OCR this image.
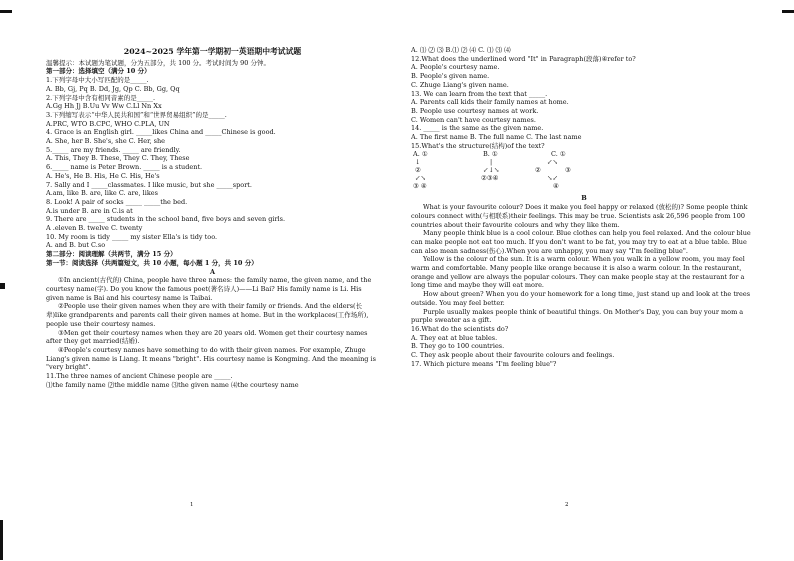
2024~2025 学年第一学期初一英语期中考试试题
温馨提示：本试题为笔试题，分为五部分，共 100 分。考试时间为 90 分钟。
第一部分：选择填空（满分 10 分）
1.下列字母中大小写匹配的是_____.
A. Bb, Gj, Pq B. Dd, Jg, Qp C. Bb, Gg, Qq
2.下列字母中含有相同音素的是_____.
A.Gg Hh Jj B.Uu Vv Ww C.Ll Nn Xx
3.下列缩写表示“中华人民共和国”和“世界贸易组织”的是_____.
A.PRC, WTO B.CPC, WHO C.PLA, UN
4. Grace is an English girl. _____likes China and _____Chinese is good.
A. She, her B. She's, she C. Her, she
5._____ are my friends. _____ are friendly.
A. This, They B. These, They C. They, These
6._____ name is Peter Brown. _____ is a student.
A. He's, He B. His, He C. His, He's
7. Sally and I _____classmates. I like music, but she _____sport.
A.am, like B. are, like C. are, likes
8. Look! A pair of socks _____ _____the bed.
A.is under B. are in C.is at
9. There are _____ students in the school band, five boys and seven girls.
A .eleven B. twelve C. twenty
10. My room is tidy _____ my sister Ella's is tidy too.
A. and B. but C.so
第二部分：阅读理解（共两节，满分 15 分）
第一节：阅读选择（共两篇短文，共 10 小题，每小题 1 分，共 10 分）
A
①In ancient(古代的) China, people have three names: the family name, the given name, and the courtesy name(字). Do you know the famous poet(著名诗人)——Li Bai? His family name is Li. His given name is Bai and his courtesy name is Taibai.
②People use their given names when they are with their family or friends. And the elders(长辈)like grandparents and parents call their given names at home. But in the workplaces(工作场所), people use their courtesy names.
③Men get their courtesy names when they are 20 years old. Women get their courtesy names after they get married(结婚).
④People's courtesy names have something to do with their given names. For example, Zhuge Liang's given name is Liang. It means "bright". His courtesy name is Kongming. And the meaning is "very bright".
11.The three names of ancient Chinese people are _____.
⑴the family name ⑵the middle name ⑶the given name ⑷the courtesy name
1
A. ⑴ ⑵ ⑶ B.⑴ ⑵ ⑷ C. ⑴ ⑶ ⑷
12.What does the underlined word "It" in Paragraph(段落)④refer to?
A. People's courtesy name.
B. People's given name.
C. Zhuge Liang's given name.
13. We can learn from the text that _____.
A. Parents call kids their family names at home.
B. People use courtesy names at work.
C. Women can't have courtesy names.
14. _____ is the same as the given name.
A. The first name B. The full name C. The last name
15.What's the structure(结构)of the text?
A. ①
↓
②
↙↘
③ ④
B. ①
|
↙↓↘
②③④
C. ①
↙↘
②	③
↘↙
④
B
What is your favourite colour? Does it make you feel happy or relaxed (放松的)? Some people think colours connect with(与相联系)their feelings. This may be true. Scientists ask 26,596 people from 100 countries about their favourite colours and why they like them.
Many people think blue is a cool colour. Blue clothes can help you feel relaxed. And the colour blue can make people not eat too much. If you don't want to be fat, you may try to eat at a blue table. Blue can also mean sadness(伤心).When you are unhappy, you may say "I'm feeling blue".
Yellow is the colour of the sun. It is a warm colour. When you walk in a yellow room, you may feel warm and comfortable. Many people like orange because it is also a warm colour. In the restaurant, orange and yellow are always the popular colours. They can make people stay at the restaurant for a long time and maybe they will eat more.
How about green? When you do your homework for a long time, just stand up and look at the trees outside. You may feel better.
Purple usually makes people think of beautiful things. On Mother's Day, you can buy your mom a purple sweater as a gift.
16.What do the scientists do?
A. They eat at blue tables.
B. They go to 100 countries.
C. They ask people about their favourite colours and feelings.
17. Which picture means "I'm feeling blue"?
2
